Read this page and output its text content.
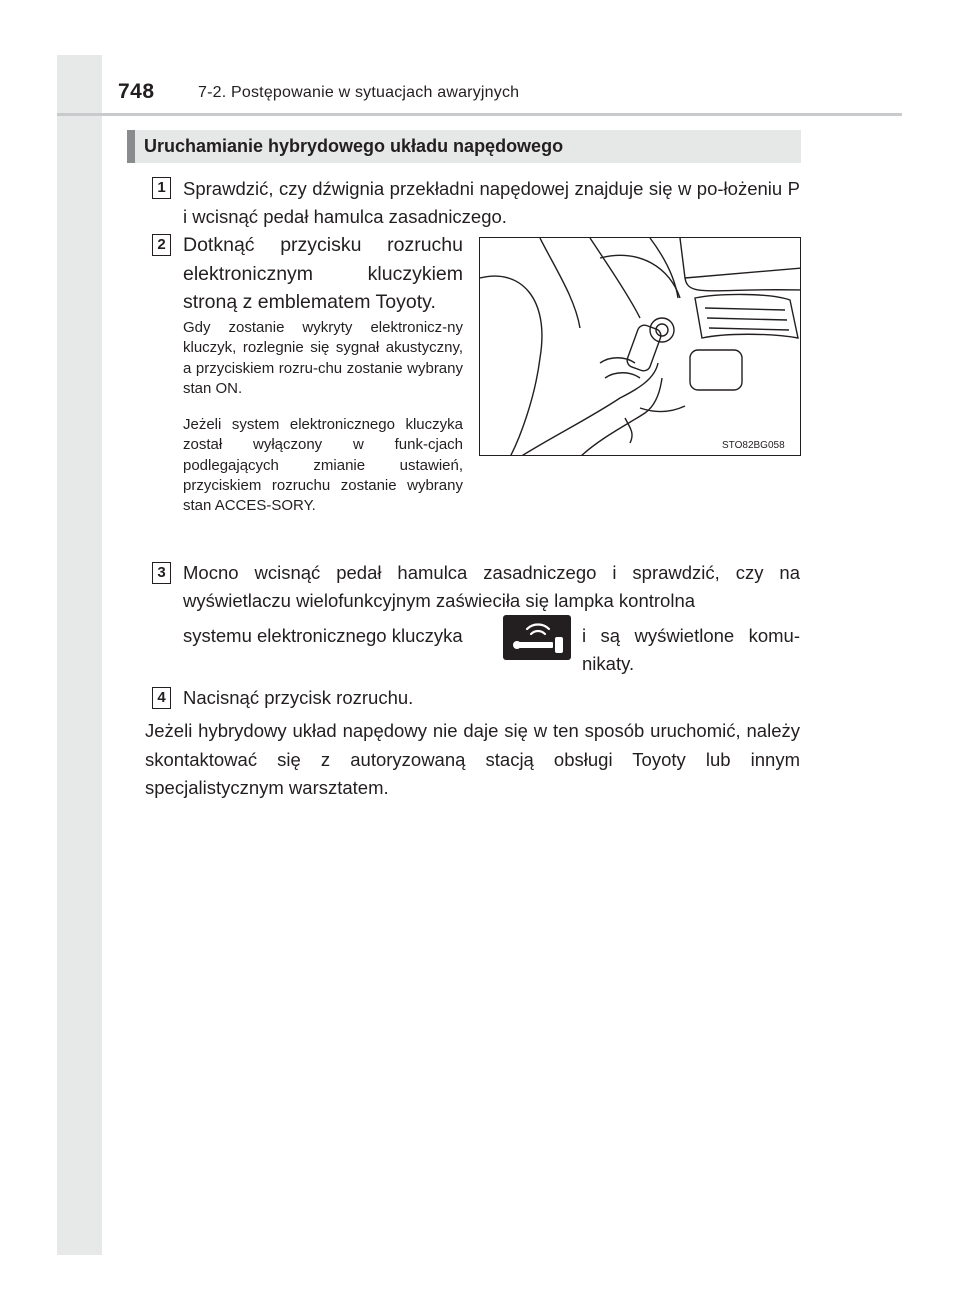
748	7-2. Postępowanie w sytuacjach awaryjnych
Uruchamianie hybrydowego układu napędowego
1 Sprawdzić, czy dźwignia przekładni napędowej znajduje się w po-łożeniu P i wcisnąć pedał hamulca zasadniczego.
2 Dotknąć przycisku rozruchu elektronicznym kluczykiem stroną z emblematem Toyoty.
Gdy zostanie wykryty elektronicz-ny kluczyk, rozlegnie się sygnał akustyczny, a przyciskiem rozru-chu zostanie wybrany stan ON.
Jeżeli system elektronicznego kluczyka został wyłączony w funk-cjach podlegających zmianie ustawień, przyciskiem rozruchu zostanie wybrany stan ACCES-SORY.
STO82BG058
3 Mocno wcisnąć pedał hamulca zasadniczego i sprawdzić, czy na wyświetlaczu wielofunkcyjnym zaświeciła się lampka kontrolna
systemu elektronicznego kluczyka	i są wyświetlone komu-nikaty.
4 Nacisnąć przycisk rozruchu.
Jeżeli hybrydowy układ napędowy nie daje się w ten sposób uruchomić, należy skontaktować się z autoryzowaną stacją obsługi Toyoty lub innym specjalistycznym warsztatem.
